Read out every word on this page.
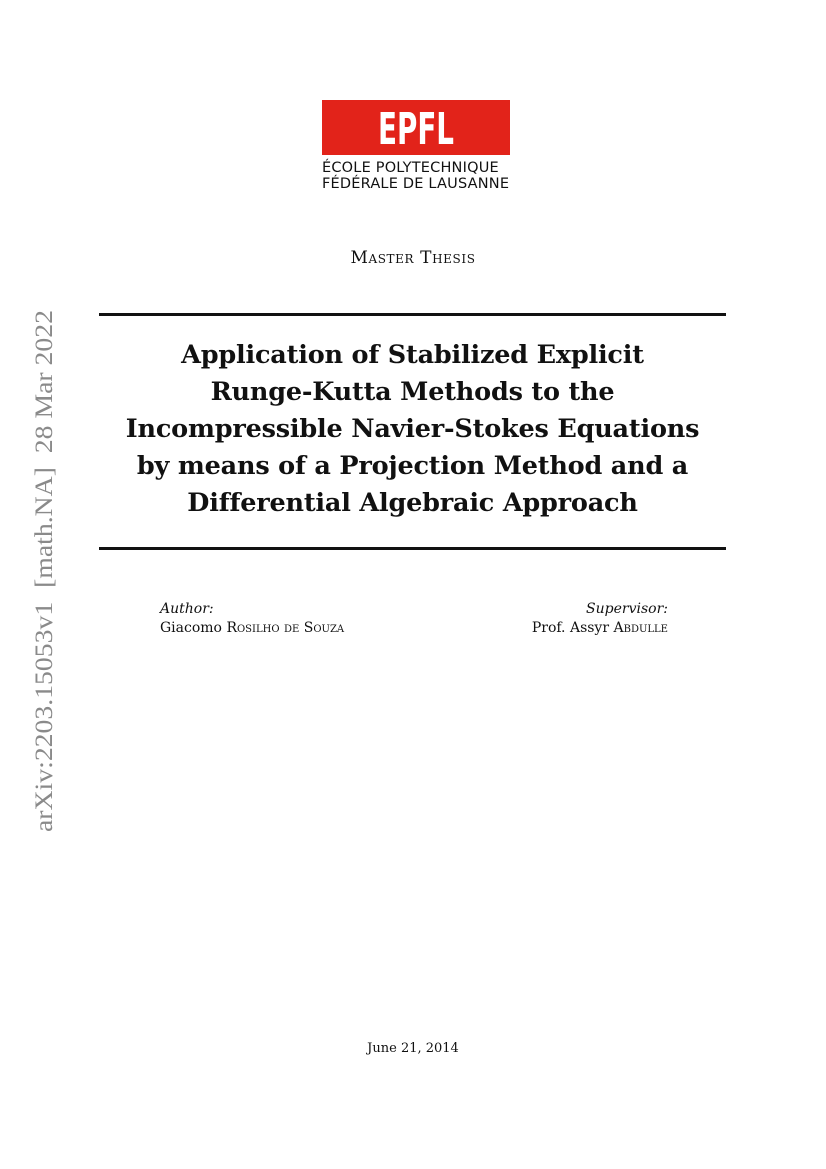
arXiv:2203.15053v1  [math.NA]  28 Mar 2022
EPFL
ÉCOLE POLYTECHNIQUE
FÉDÉRALE DE LAUSANNE
Master Thesis
Application of Stabilized Explicit
Runge-Kutta Methods to the
Incompressible Navier-Stokes Equations
by means of a Projection Method and a
Differential Algebraic Approach
Author:
Giacomo Rosilho de Souza
Supervisor:
Prof. Assyr Abdulle
June 21, 2014
